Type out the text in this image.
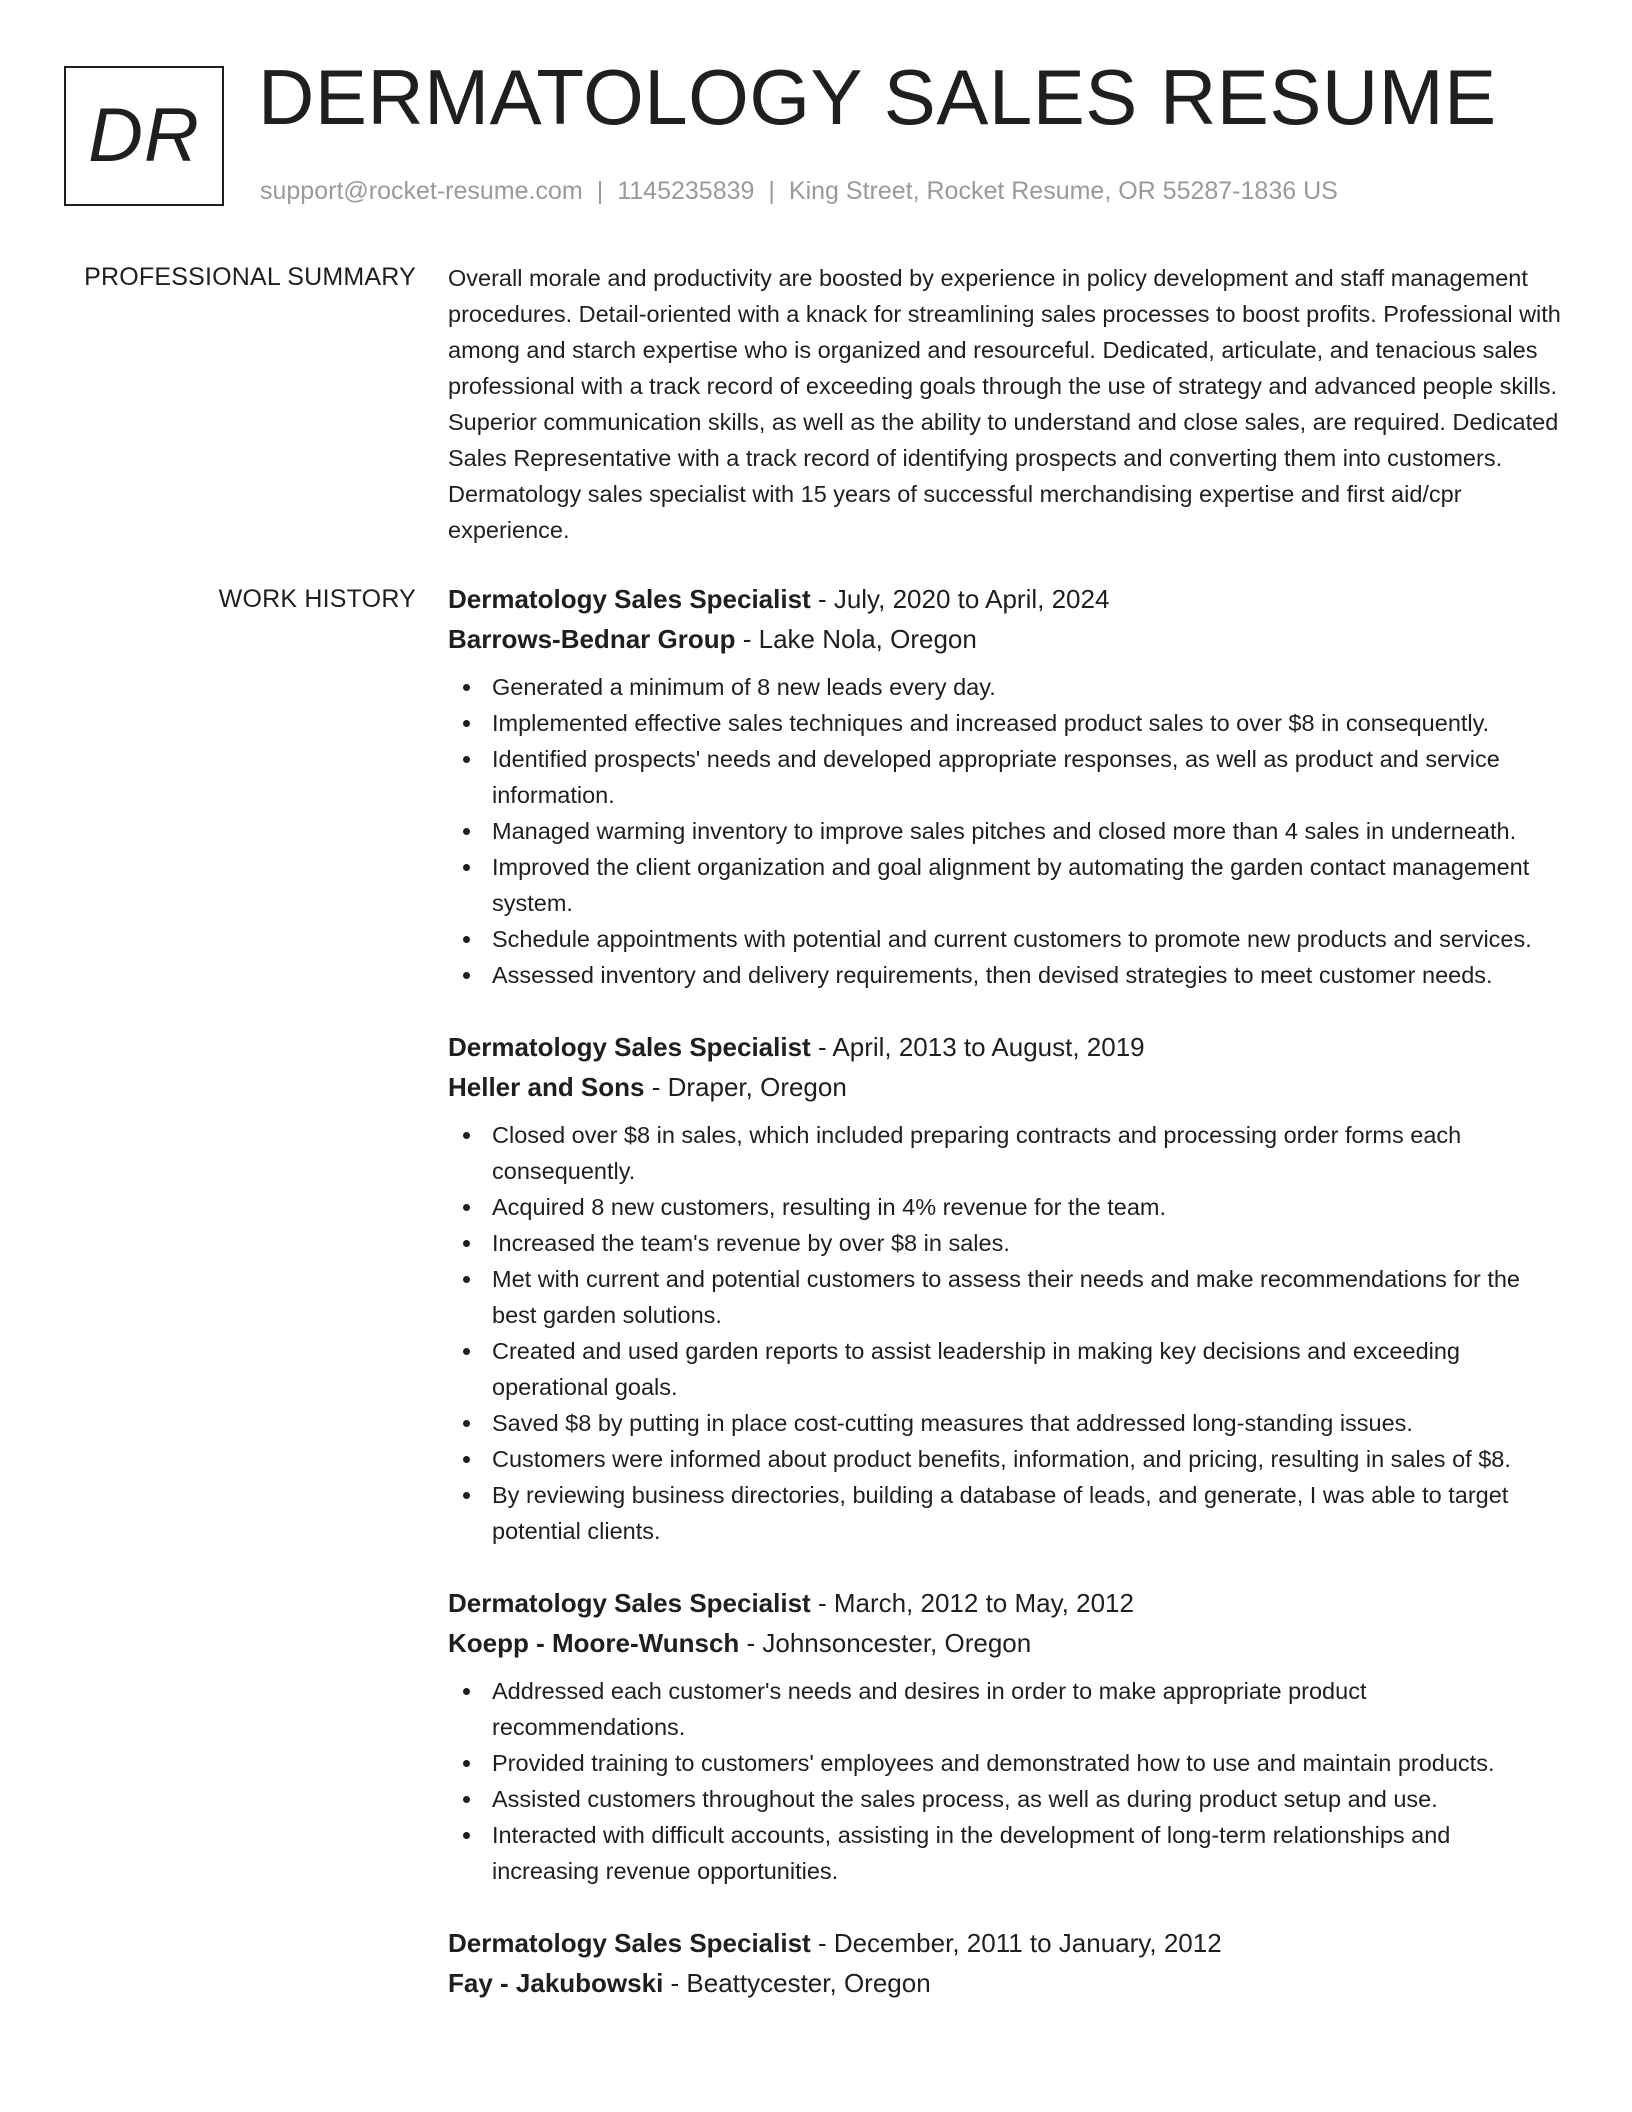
DR DERMATOLOGY SALES RESUME
support@rocket-resume.com | 1145235839 | King Street, Rocket Resume, OR 55287-1836 US
PROFESSIONAL SUMMARY Overall morale and productivity are boosted by experience in policy development and staff management procedures. Detail-oriented with a knack for streamlining sales processes to boost profits. Professional with among and starch expertise who is organized and resourceful. Dedicated, articulate, and tenacious sales professional with a track record of exceeding goals through the use of strategy and advanced people skills. Superior communication skills, as well as the ability to understand and close sales, are required. Dedicated Sales Representative with a track record of identifying prospects and converting them into customers. Dermatology sales specialist with 15 years of successful merchandising expertise and first aid/cpr experience.
WORK HISTORY Dermatology Sales Specialist - July, 2020 to April, 2024

Barrows-Bednar Group - Lake Nola, Oregon

Generated a minimum of 8 new leads every day.
Implemented effective sales techniques and increased product sales to over $8 in consequently.
Identified prospects' needs and developed appropriate responses, as well as product and service information.
Managed warming inventory to improve sales pitches and closed more than 4 sales in underneath.
Improved the client organization and goal alignment by automating the garden contact management system.
Schedule appointments with potential and current customers to promote new products and services.
Assessed inventory and delivery requirements, then devised strategies to meet customer needs.

Dermatology Sales Specialist - April, 2013 to August, 2019

Heller and Sons - Draper, Oregon

Closed over $8 in sales, which included preparing contracts and processing order forms each consequently.
Acquired 8 new customers, resulting in 4% revenue for the team.
Increased the team's revenue by over $8 in sales.
Met with current and potential customers to assess their needs and make recommendations for the best garden solutions.
Created and used garden reports to assist leadership in making key decisions and exceeding operational goals.
Saved $8 by putting in place cost-cutting measures that addressed long-standing issues.
Customers were informed about product benefits, information, and pricing, resulting in sales of $8.
By reviewing business directories, building a database of leads, and generate, I was able to target potential clients.

Dermatology Sales Specialist - March, 2012 to May, 2012

Koepp - Moore-Wunsch - Johnsoncester, Oregon

Addressed each customer's needs and desires in order to make appropriate product recommendations.
Provided training to customers' employees and demonstrated how to use and maintain products.
Assisted customers throughout the sales process, as well as during product setup and use.
Interacted with difficult accounts, assisting in the development of long-term relationships and increasing revenue opportunities.

Dermatology Sales Specialist - December, 2011 to January, 2012

Fay - Jakubowski - Beattycester, Oregon
